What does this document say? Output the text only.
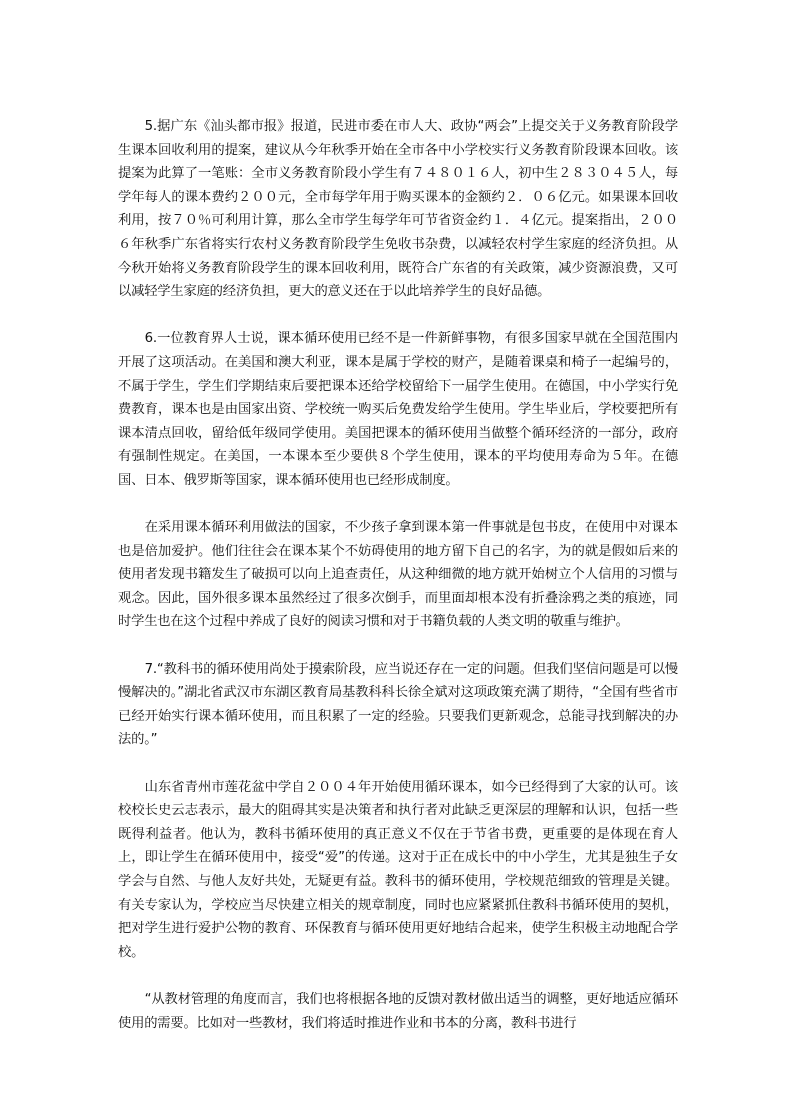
5.据广东《汕头都市报》报道，民进市委在市人大、政协“两会”上提交关于义务教育阶段学生课本回收利用的提案，建议从今年秋季开始在全市各中小学校实行义务教育阶段课本回收。该提案为此算了一笔账：全市义务教育阶段小学生有７４８０１６人，初中生２８３０４５人，每学年每人的课本费约２００元，全市每学年用于购买课本的金额约２．０６亿元。如果课本回收利用，按７０％可利用计算，那么全市学生每学年可节省资金约１．４亿元。提案指出，２００６年秋季广东省将实行农村义务教育阶段学生免收书杂费，以减轻农村学生家庭的经济负担。从今秋开始将义务教育阶段学生的课本回收利用，既符合广东省的有关政策，减少资源浪费，又可以减轻学生家庭的经济负担，更大的意义还在于以此培养学生的良好品德。

6.一位教育界人士说，课本循环使用已经不是一件新鲜事物，有很多国家早就在全国范围内开展了这项活动。在美国和澳大利亚，课本是属于学校的财产，是随着课桌和椅子一起编号的，不属于学生，学生们学期结束后要把课本还给学校留给下一届学生使用。在德国，中小学实行免费教育，课本也是由国家出资、学校统一购买后免费发给学生使用。学生毕业后，学校要把所有课本清点回收，留给低年级同学使用。美国把课本的循环使用当做整个循环经济的一部分，政府有强制性规定。在美国，一本课本至少要供８个学生使用，课本的平均使用寿命为５年。在德国、日本、俄罗斯等国家，课本循环使用也已经形成制度。

在采用课本循环利用做法的国家，不少孩子拿到课本第一件事就是包书皮，在使用中对课本也是倍加爱护。他们往往会在课本某个不妨碍使用的地方留下自己的名字，为的就是假如后来的使用者发现书籍发生了破损可以向上追查责任，从这种细微的地方就开始树立个人信用的习惯与观念。因此，国外很多课本虽然经过了很多次倒手，而里面却根本没有折叠涂鸦之类的痕迹，同时学生也在这个过程中养成了良好的阅读习惯和对于书籍负载的人类文明的敬重与维护。

7.“教科书的循环使用尚处于摸索阶段，应当说还存在一定的问题。但我们坚信问题是可以慢慢解决的。”湖北省武汉市东湖区教育局基教科科长徐全斌对这项政策充满了期待，“全国有些省市已经开始实行课本循环使用，而且积累了一定的经验。只要我们更新观念，总能寻找到解决的办法的。”

山东省青州市莲花盆中学自２００４年开始使用循环课本，如今已经得到了大家的认可。该校校长史云志表示，最大的阻碍其实是决策者和执行者对此缺乏更深层的理解和认识，包括一些既得利益者。他认为，教科书循环使用的真正意义不仅在于节省书费，更重要的是体现在育人上，即让学生在循环使用中，接受“爱”的传递。这对于正在成长中的中小学生，尤其是独生子女学会与自然、与他人友好共处，无疑更有益。教科书的循环使用，学校规范细致的管理是关键。有关专家认为，学校应当尽快建立相关的规章制度，同时也应紧紧抓住教科书循环使用的契机，把对学生进行爱护公物的教育、环保教育与循环使用更好地结合起来，使学生积极主动地配合学校。

“从教材管理的角度而言，我们也将根据各地的反馈对教材做出适当的调整，更好地适应循环使用的需要。比如对一些教材，我们将适时推进作业和书本的分离，教科书进行
